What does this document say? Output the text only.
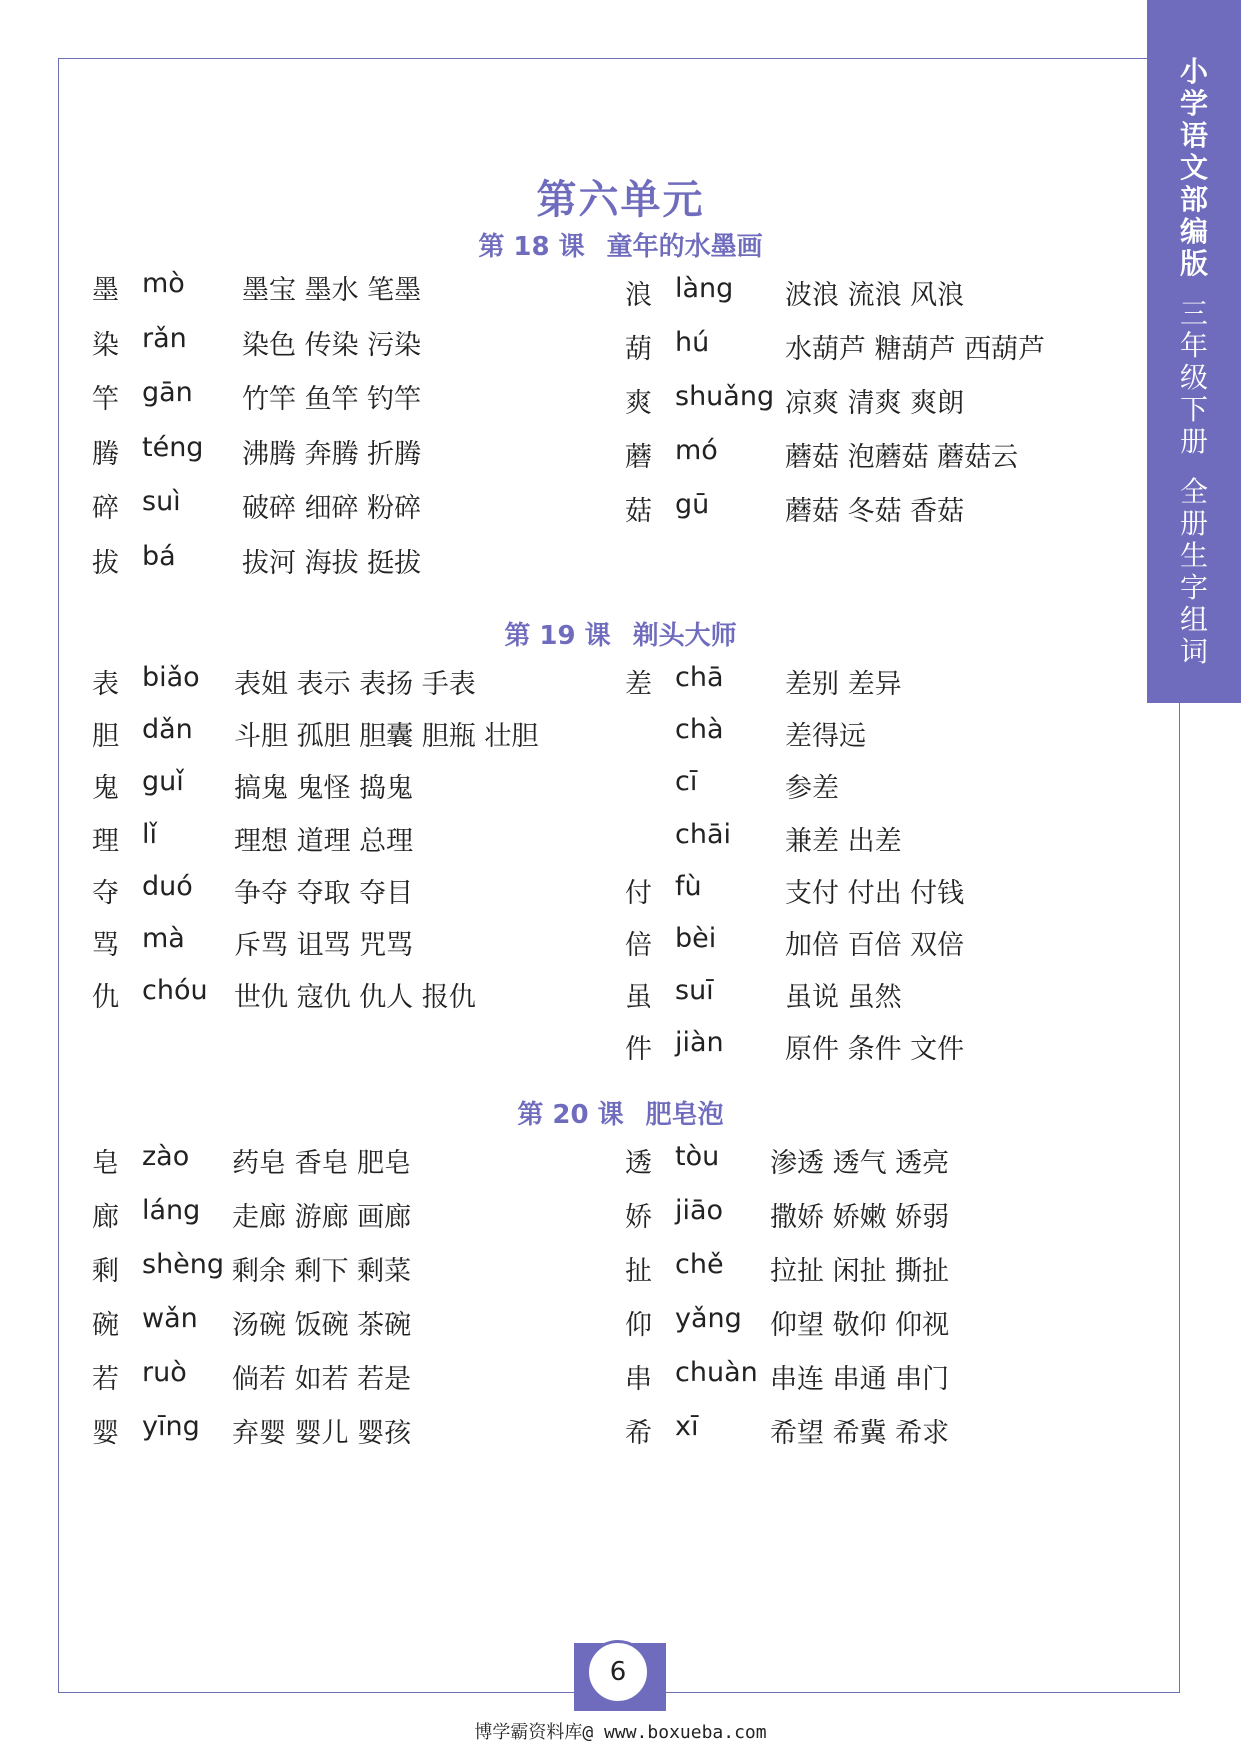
小学语文部编版
三年级下册
全册生字组词
第六单元
第 18 课 童年的水墨画
墨 mò 墨宝 墨水 笔墨
染 rǎn 染色 传染 污染
竿 gān 竹竿 鱼竿 钓竿
腾 téng 沸腾 奔腾 折腾
碎 suì 破碎 细碎 粉碎
拔 bá 拔河 海拔 挺拔
浪 làng 波浪 流浪 风浪
葫 hú	水葫芦 糖葫芦 西葫芦
爽 shuǎng 凉爽 清爽 爽朗
蘑 mó 蘑菇 泡蘑菇 蘑菇云
菇 gū	蘑菇 冬菇 香菇
第 19 课 剃头大师
表 biǎo 表姐 表示 表扬 手表
胆 dǎn 斗胆 孤胆 胆囊 胆瓶 壮胆
鬼 guǐ 搞鬼 鬼怪 捣鬼
理 lǐ	理想 道理 总理
夺 duó 争夺 夺取 夺目
骂 mà 斥骂 诅骂 咒骂
仇 chóu 世仇 寇仇 仇人 报仇
差 chā 差别 差异
chà 差得远
cī	参差
chāi 兼差 出差
付 fù	支付 付出 付钱
倍 bèi	加倍 百倍 双倍
虽 suī	虽说 虽然
件 jiàn 原件 条件 文件
第 20 课 肥皂泡
皂 zào 药皂 香皂 肥皂
廊 láng 走廊 游廊 画廊
剩 shèng 剩余 剩下 剩菜
碗 wǎn 汤碗 饭碗 茶碗
若 ruò 倘若 如若 若是
婴 yīng 弃婴 婴儿 婴孩
透 tòu 渗透 透气 透亮
娇 jiāo 撒娇 娇嫩 娇弱
扯 chě 拉扯 闲扯 撕扯
仰 yǎng 仰望 敬仰 仰视
串 chuàn 串连 串通 串门
希 xī	希望 希冀 希求
6
博学霸资料库@ www.boxueba.com
